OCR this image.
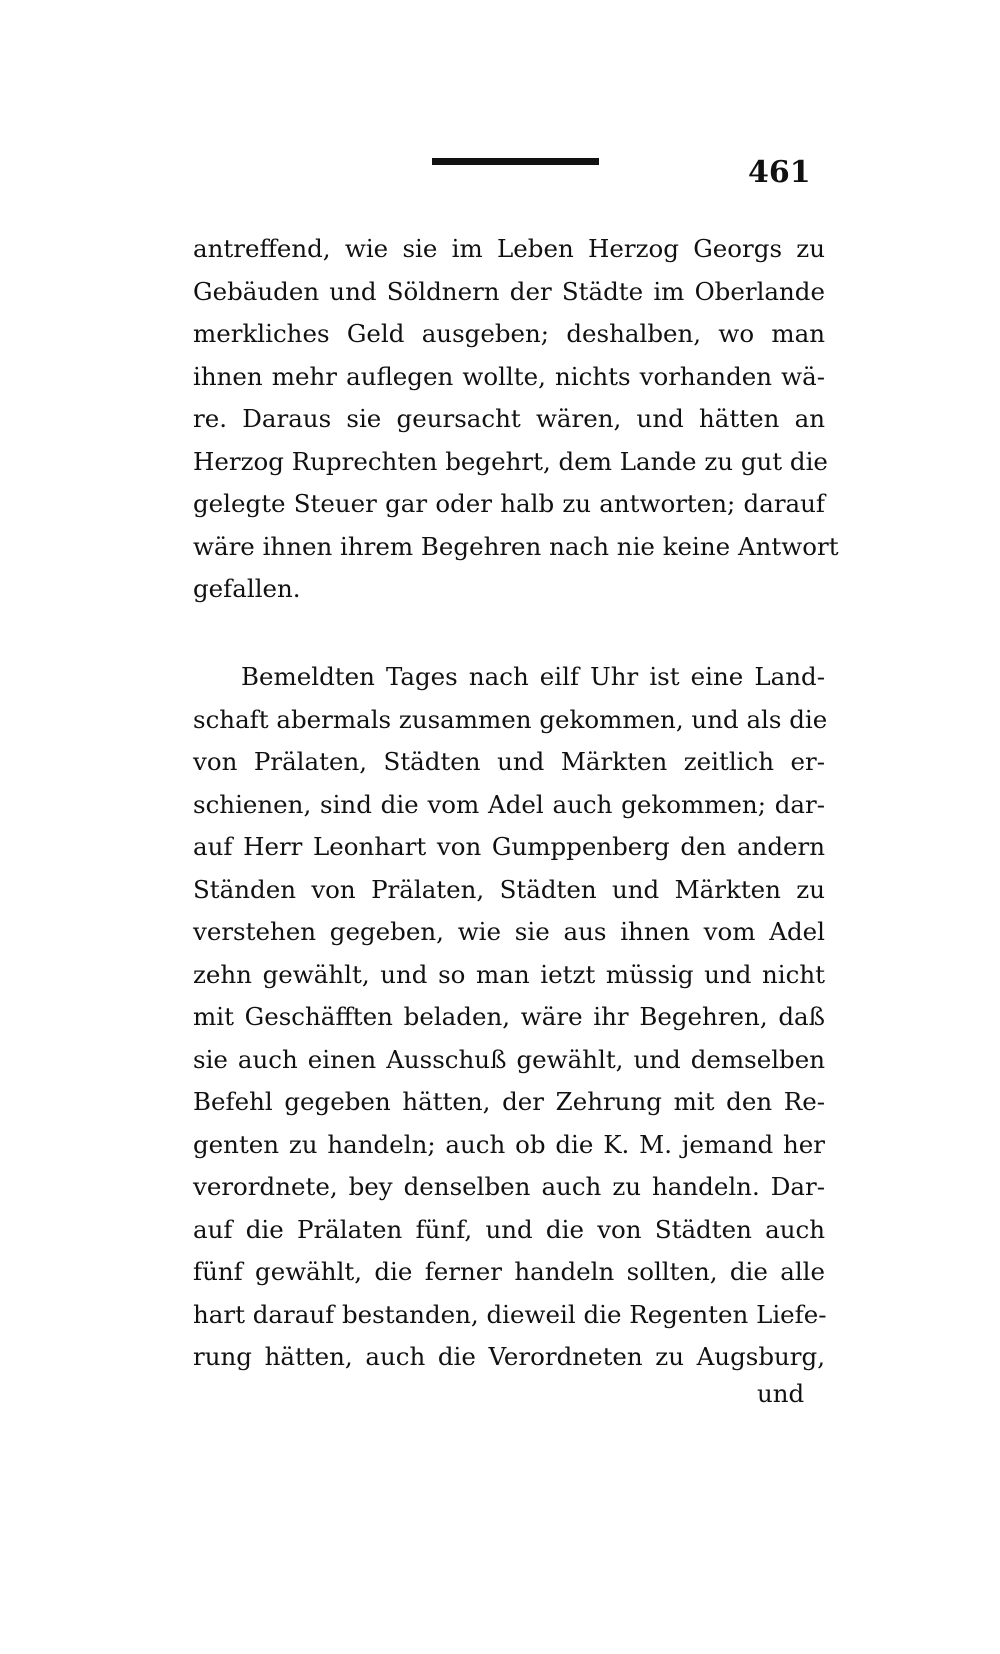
461
antreffend, wie sie im Leben Herzog Georgs zu
Gebäuden und Söldnern der Städte im Oberlande
merkliches Geld ausgeben; deshalben, wo man
ihnen mehr auflegen wollte, nichts vorhanden wä-
re. Daraus sie geursacht wären, und hätten an
Herzog Ruprechten begehrt, dem Lande zu gut die
gelegte Steuer gar oder halb zu antworten; darauf
wäre ihnen ihrem Begehren nach nie keine Antwort
gefallen.
Bemeldten Tages nach eilf Uhr ist eine Land-
schaft abermals zusammen gekommen, und als die
von Prälaten, Städten und Märkten zeitlich er-
schienen, sind die vom Adel auch gekommen; dar-
auf Herr Leonhart von Gumppenberg den andern
Ständen von Prälaten, Städten und Märkten zu
verstehen gegeben, wie sie aus ihnen vom Adel
zehn gewählt, und so man ietzt müssig und nicht
mit Geschäfften beladen, wäre ihr Begehren, daß
sie auch einen Ausschuß gewählt, und demselben
Befehl gegeben hätten, der Zehrung mit den Re-
genten zu handeln; auch ob die K. M. jemand her
verordnete, bey denselben auch zu handeln. Dar-
auf die Prälaten fünf, und die von Städten auch
fünf gewählt, die ferner handeln sollten, die alle
hart darauf bestanden, dieweil die Regenten Liefe-
rung hätten, auch die Verordneten zu Augsburg,
und
